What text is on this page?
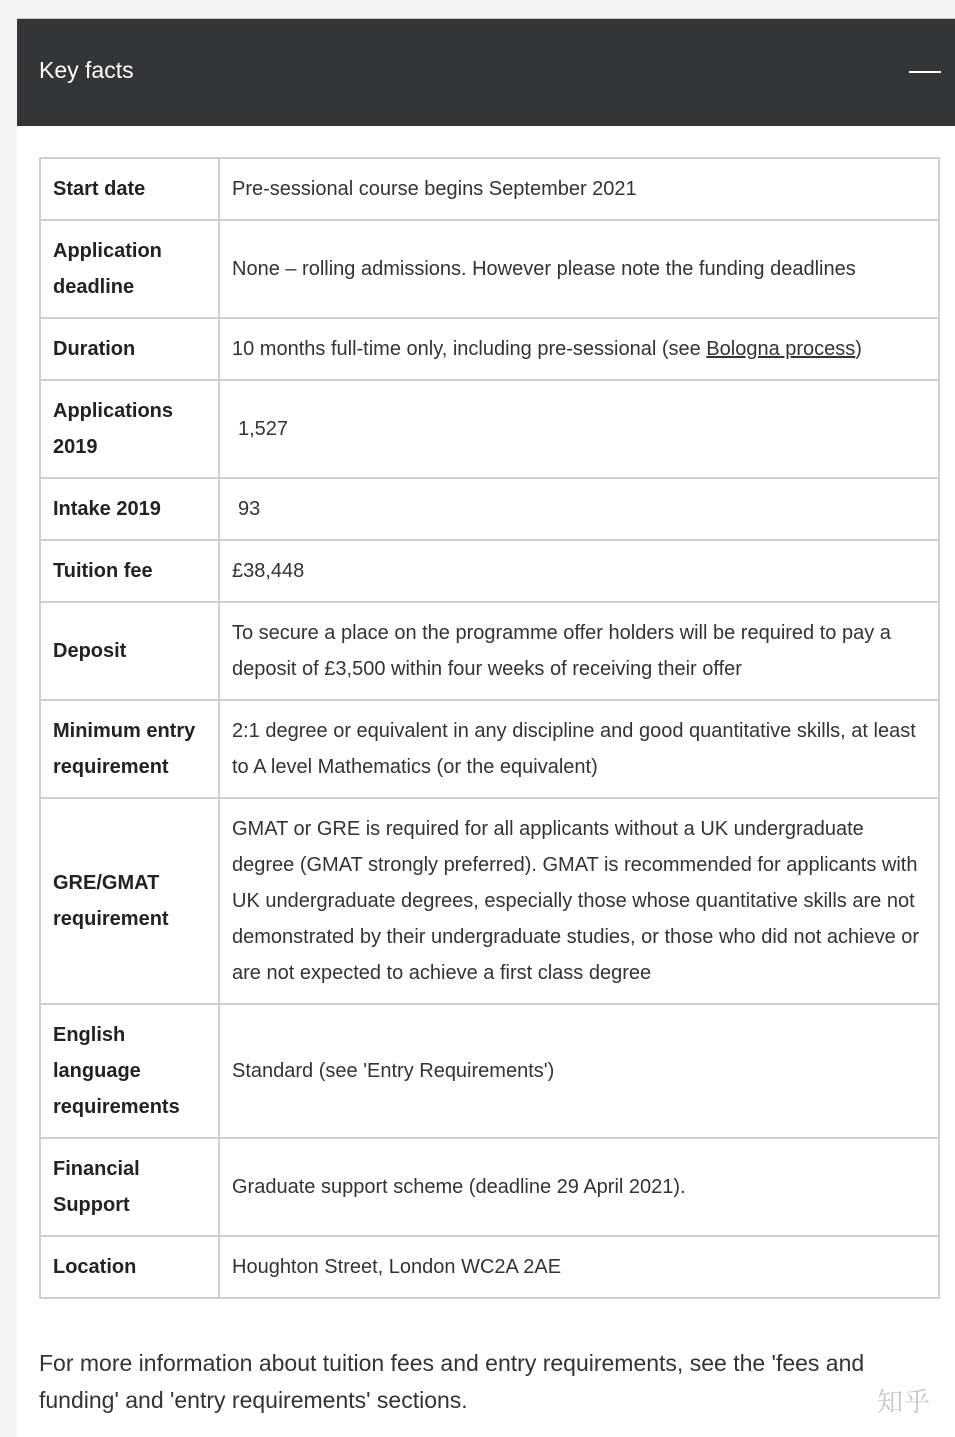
Key facts
Start date	Pre-sessional course begins September 2021
Application deadline	None – rolling admissions. However please note the funding deadlines
Duration	10 months full-time only, including pre-sessional (see Bologna process)
Applications 2019	1,527
Intake 2019	93
Tuition fee	£38,448
Deposit	To secure a place on the programme offer holders will be required to pay a deposit of £3,500 within four weeks of receiving their offer
Minimum entry requirement	2:1 degree or equivalent in any discipline and good quantitative skills, at least to A level Mathematics (or the equivalent)
GRE/GMAT requirement	GMAT or GRE is required for all applicants without a UK undergraduate degree (GMAT strongly preferred). GMAT is recommended for applicants with UK undergraduate degrees, especially those whose quantitative skills are not demonstrated by their undergraduate studies, or those who did not achieve or are not expected to achieve a first class degree
English language requirements	Standard (see 'Entry Requirements')
Financial Support	Graduate support scheme (deadline 29 April 2021).
Location	Houghton Street, London WC2A 2AE

For more information about tuition fees and entry requirements, see the 'fees and funding' and 'entry requirements' sections.	知乎
